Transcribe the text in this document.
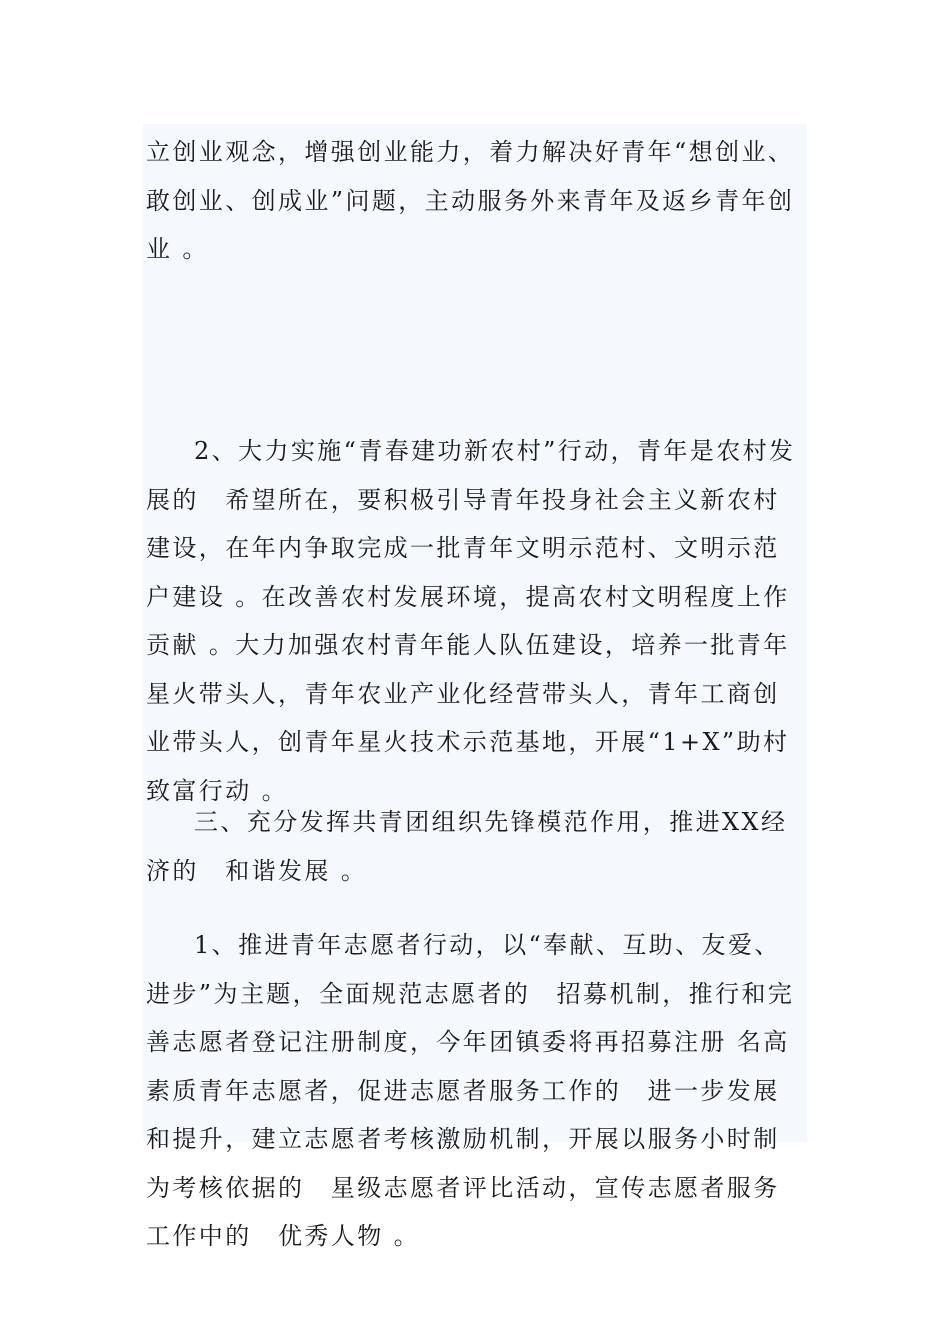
立创业观念，增强创业能力，着力解决好青年“想创业、敢创业、创成业”问题，主动服务外来青年及返乡青年创业 。

2、大力实施“青春建功新农村”行动，青年是农村发展的　希望所在，要积极引导青年投身社会主义新农村建设，在年内争取完成一批青年文明示范村、文明示范户建设 。在改善农村发展环境，提高农村文明程度上作贡献 。大力加强农村青年能人队伍建设，培养一批青年星火带头人，青年农业产业化经营带头人，青年工商创业带头人，创青年星火技术示范基地，开展“1+X”助村致富行动 。

三、充分发挥共青团组织先锋模范作用，推进XX经济的　和谐发展 。

1、推进青年志愿者行动，以“奉献、互助、友爱、进步”为主题，全面规范志愿者的　招募机制，推行和完善志愿者登记注册制度，今年团镇委将再招募注册 名高素质青年志愿者，促进志愿者服务工作的　进一步发展和提升，建立志愿者考核激励机制，开展以服务小时制为考核依据的　星级志愿者评比活动，宣传志愿者服务工作中的　优秀人物 。
